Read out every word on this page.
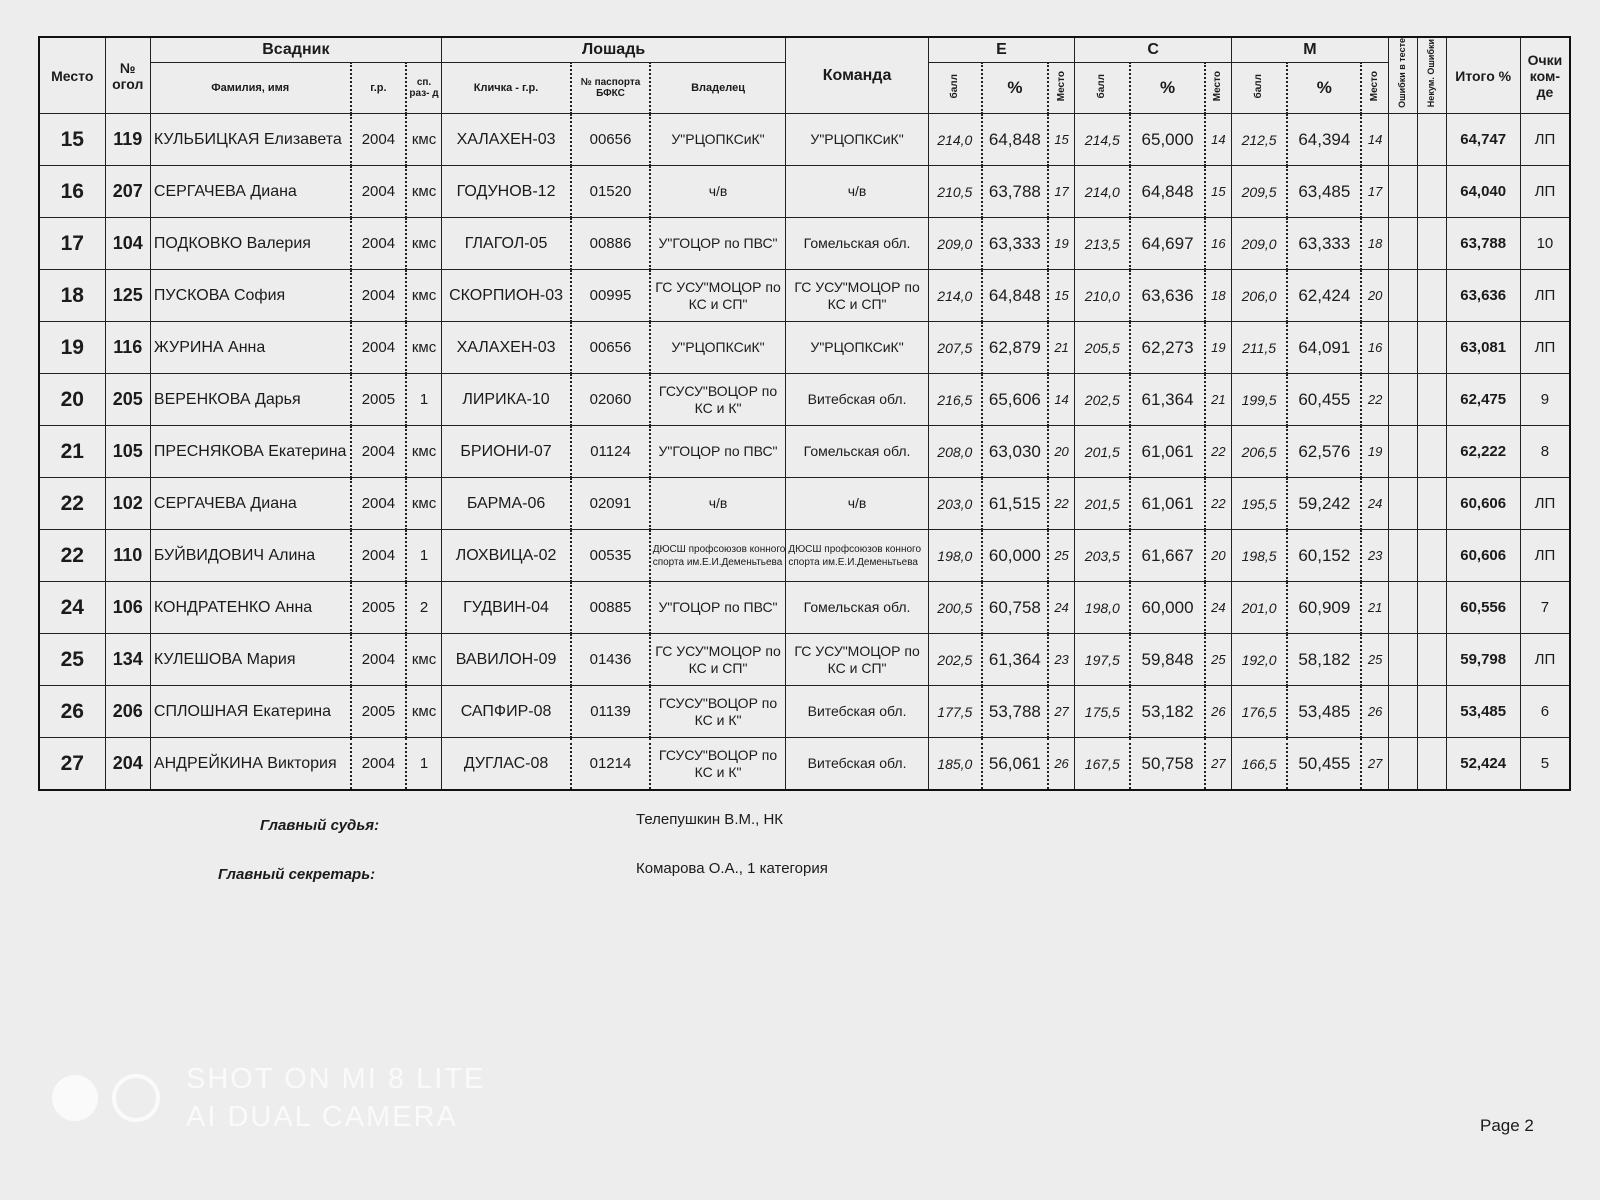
Место	№ огол	Всадник			Лошадь			Команда	E			C			M			Ошибки в тесте	Некум. Ошибки	Итого %	Очки ком- де
		Фамилия, имя	г.р.	сп. раз- д	Кличка - г.р.	№ паспорта БФКС	Владелец		балл	%	Место	балл	%	Место	балл	%	Место				
15	119	КУЛЬБИЦКАЯ Елизавета	2004	кмс	ХАЛАХЕН-03	00656	У"РЦОПКСиК"	У"РЦОПКСиК"	214,0	64,848	15	214,5	65,000	14	212,5	64,394	14			64,747	ЛП
16	207	СЕРГАЧЕВА Диана	2004	кмс	ГОДУНОВ-12	01520	ч/в	ч/в	210,5	63,788	17	214,0	64,848	15	209,5	63,485	17			64,040	ЛП
17	104	ПОДКОВКО Валерия	2004	кмс	ГЛАГОЛ-05	00886	У"ГОЦОР по ПВС"	Гомельская обл.	209,0	63,333	19	213,5	64,697	16	209,0	63,333	18			63,788	10
18	125	ПУСКОВА София	2004	кмс	СКОРПИОН-03	00995	ГС УСУ"МОЦОР по КС и СП"	ГС УСУ"МОЦОР по КС и СП"	214,0	64,848	15	210,0	63,636	18	206,0	62,424	20			63,636	ЛП
19	116	ЖУРИНА Анна	2004	кмс	ХАЛАХЕН-03	00656	У"РЦОПКСиК"	У"РЦОПКСиК"	207,5	62,879	21	205,5	62,273	19	211,5	64,091	16			63,081	ЛП
20	205	ВЕРЕНКОВА Дарья	2005	1	ЛИРИКА-10	02060	ГСУСУ"ВОЦОР по КС и К"	Витебская обл.	216,5	65,606	14	202,5	61,364	21	199,5	60,455	22			62,475	9
21	105	ПРЕСНЯКОВА Екатерина	2004	кмс	БРИОНИ-07	01124	У"ГОЦОР по ПВС"	Гомельская обл.	208,0	63,030	20	201,5	61,061	22	206,5	62,576	19			62,222	8
22	102	СЕРГАЧЕВА Диана	2004	кмс	БАРМА-06	02091	ч/в	ч/в	203,0	61,515	22	201,5	61,061	22	195,5	59,242	24			60,606	ЛП
22	110	БУЙВИДОВИЧ Алина	2004	1	ЛОХВИЦА-02	00535	ДЮСШ профсоюзов конного спорта им.Е.И.Деменьтьева	ДЮСШ профсоюзов конного спорта им.Е.И.Деменьтьева	198,0	60,000	25	203,5	61,667	20	198,5	60,152	23			60,606	ЛП
24	106	КОНДРАТЕНКО Анна	2005	2	ГУДВИН-04	00885	У"ГОЦОР по ПВС"	Гомельская обл.	200,5	60,758	24	198,0	60,000	24	201,0	60,909	21			60,556	7
25	134	КУЛЕШОВА Мария	2004	кмс	ВАВИЛОН-09	01436	ГС УСУ"МОЦОР по КС и СП"	ГС УСУ"МОЦОР по КС и СП"	202,5	61,364	23	197,5	59,848	25	192,0	58,182	25			59,798	ЛП
26	206	СПЛОШНАЯ Екатерина	2005	кмс	САПФИР-08	01139	ГСУСУ"ВОЦОР по КС и К"	Витебская обл.	177,5	53,788	27	175,5	53,182	26	176,5	53,485	26			53,485	6
27	204	АНДРЕЙКИНА Виктория	2004	1	ДУГЛАС-08	01214	ГСУСУ"ВОЦОР по КС и К"	Витебская обл.	185,0	56,061	26	167,5	50,758	27	166,5	50,455	27			52,424	5
Главный судья:	Телепушкин В.М., НК
Главный секретарь:	Комарова О.А., 1 категория
SHOT ON MI 8 LITE
AI DUAL CAMERA	Page 2
